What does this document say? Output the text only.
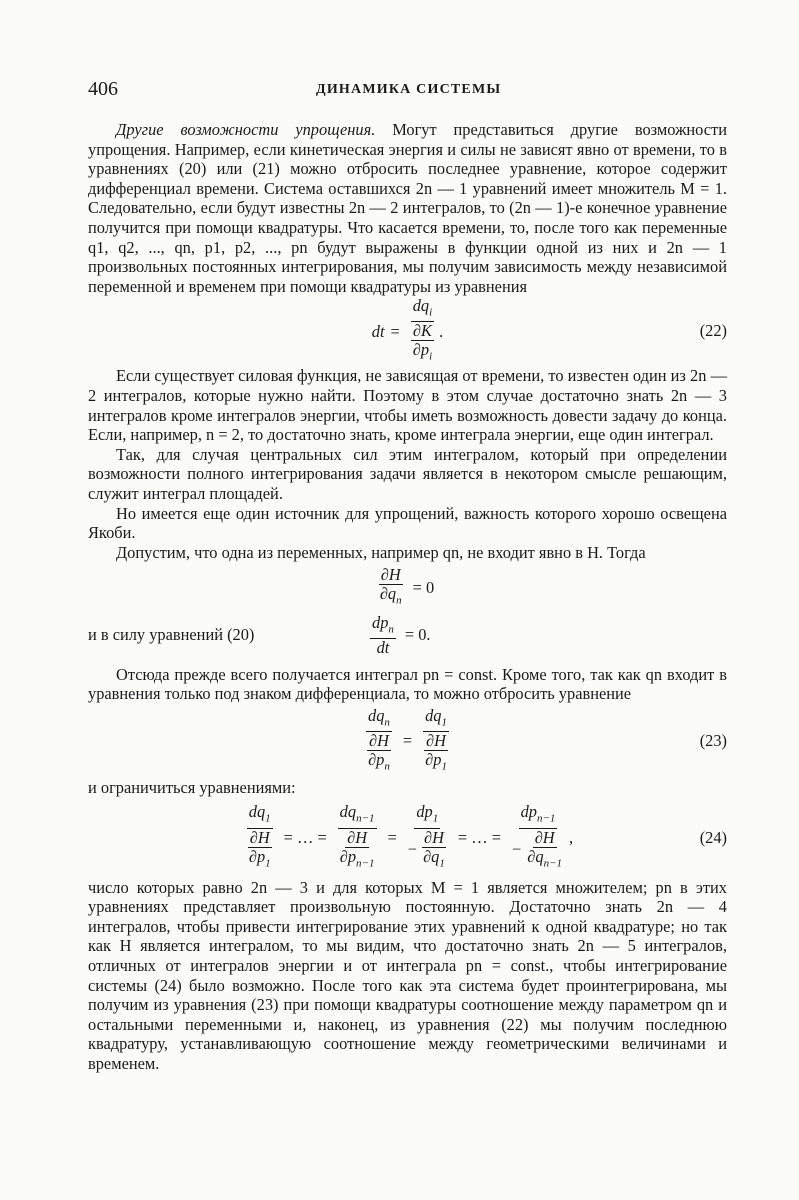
406	ДИНАМИКА СИСТЕМЫ

Другие возможности упрощения. Могут представиться другие возможности упрощения. Например, если кинетическая энергия и силы не зависят явно от времени, то в уравнениях (20) или (21) можно отбросить последнее уравнение, которое содержит дифференциал времени. Система оставшихся 2n — 1 уравнений имеет множитель M = 1. Следовательно, если будут известны 2n — 2 интегралов, то (2n — 1)-е конечное уравнение получится при помощи квадратуры. Что касается времени, то, после того как переменные q1, q2, ..., qn, p1, p2, ..., pn будут выражены в функции одной из них и 2n — 1 произвольных постоянных интегрирования, мы получим зависимость между независимой переменной и временем при помощи квадратуры из уравнения

dt = $\frac{dq_i}{\frac{\partial K}{\partial p_i}}$ .	(22)

Если существует силовая функция, не зависящая от времени, то известен один из 2n — 2 интегралов, которые нужно найти. Поэтому в этом случае достаточно знать 2n — 3 интегралов кроме интегралов энергии, чтобы иметь возможность довести задачу до конца. Если, например, n = 2, то достаточно знать, кроме интеграла энергии, еще один интеграл.

Так, для случая центральных сил этим интегралом, который при определении возможности полного интегрирования задачи является в некотором смысле решающим, служит интеграл площадей.

Но имеется еще один источник для упрощений, важность которого хорошо освещена Якоби.

Допустим, что одна из переменных, например qn, не входит явно в H. Тогда

$\frac{\partial H}{\partial q_n} = 0$
и в силу уравнений (20)	$\frac{dp_n}{dt} = 0$.

Отсюда прежде всего получается интеграл pn = const. Кроме того, так как qn входит в уравнения только под знаком дифференциала, то можно отбросить уравнение

$\frac{dq_n}{\frac{\partial H}{\partial p_n}} = \frac{dq_1}{\frac{\partial H}{\partial p_1}}$	(23)

и ограничиться уравнениями:

$\frac{dq_1}{\frac{\partial H}{\partial p_1}}$ = … = $\frac{dq_{n-1}}{\frac{\partial H}{\partial p_{n-1}}} = \frac{dp_1}{- \frac{\partial H}{\partial q_1}}$ = … = $\frac{dp_{n-1}}{- \frac{\partial H}{\partial q_{n-1}}}$ ,	(24)

число которых равно 2n — 3 и для которых M = 1 является множителем; pn в этих уравнениях представляет произвольную постоянную. Достаточно знать 2n — 4 интегралов, чтобы привести интегрирование этих уравнений к одной квадратуре; но так как H является интегралом, то мы видим, что достаточно знать 2n — 5 интегралов, отличных от интегралов энергии и от интеграла pn = const., чтобы интегрирование системы (24) было возможно. После того как эта система будет проинтегрирована, мы получим из уравнения (23) при помощи квадратуры соотношение между параметром qn и остальными переменными и, наконец, из уравнения (22) мы получим последнюю квадратуру, устанавливающую соотношение между геометрическими величинами и временем.
